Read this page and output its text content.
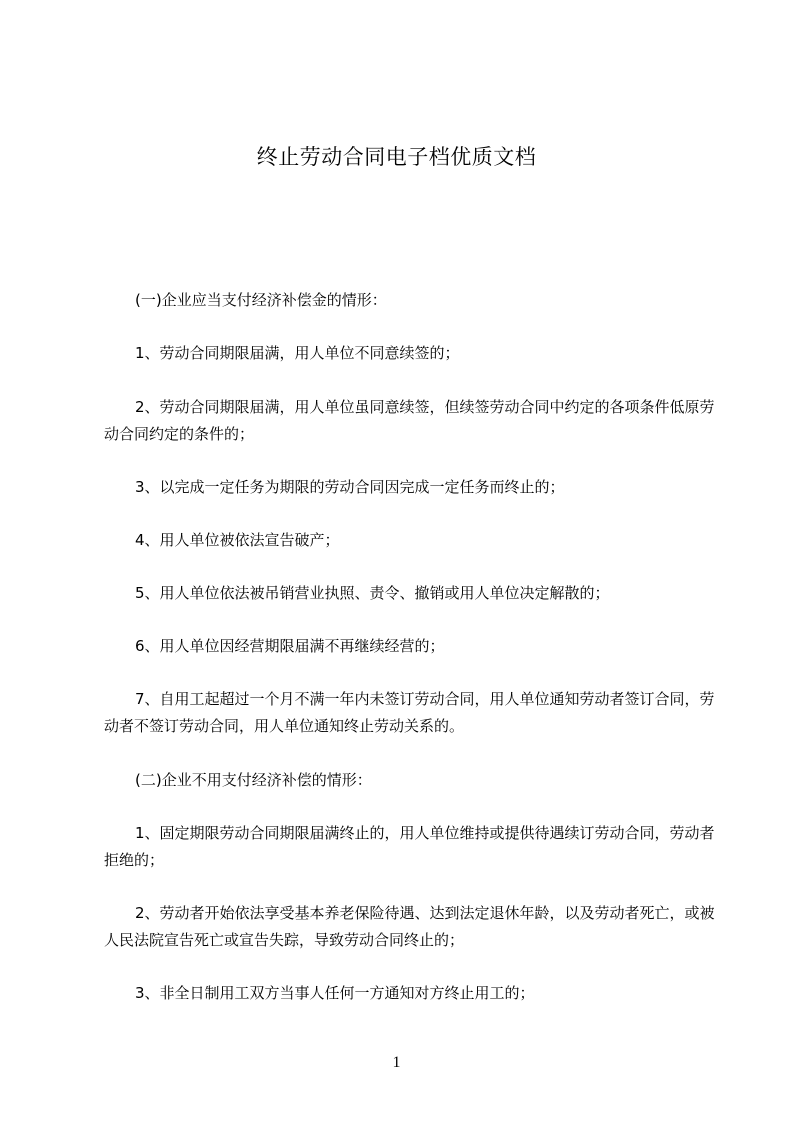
终止劳动合同电子档优质文档

(一)企业应当支付经济补偿金的情形：

1、劳动合同期限届满，用人单位不同意续签的；

2、劳动合同期限届满，用人单位虽同意续签，但续签劳动合同中约定的各项条件低原劳动合同约定的条件的；

3、以完成一定任务为期限的劳动合同因完成一定任务而终止的；

4、用人单位被依法宣告破产；

5、用人单位依法被吊销营业执照、责令、撤销或用人单位决定解散的；

6、用人单位因经营期限届满不再继续经营的；

7、自用工起超过一个月不满一年内未签订劳动合同，用人单位通知劳动者签订合同，劳动者不签订劳动合同，用人单位通知终止劳动关系的。

(二)企业不用支付经济补偿的情形：

1、固定期限劳动合同期限届满终止的，用人单位维持或提供待遇续订劳动合同，劳动者拒绝的；

2、劳动者开始依法享受基本养老保险待遇、达到法定退休年龄，以及劳动者死亡，或被人民法院宣告死亡或宣告失踪，导致劳动合同终止的；

3、非全日制用工双方当事人任何一方通知对方终止用工的；

1
